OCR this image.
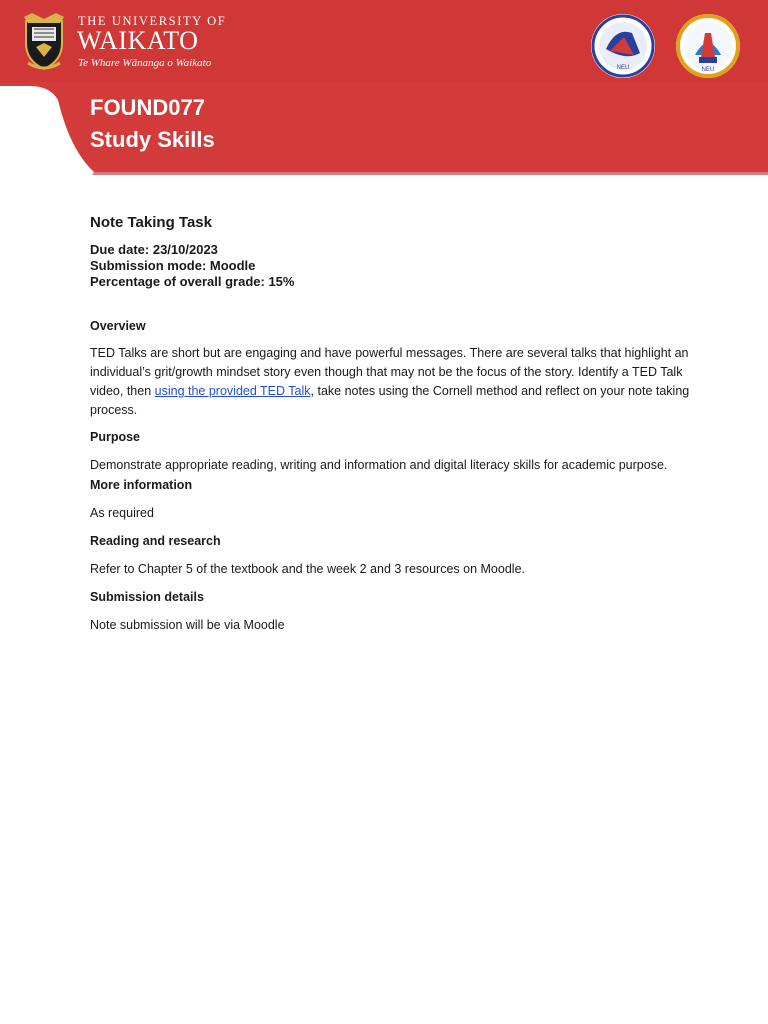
THE UNIVERSITY OF
WAIKATO
Te Whare Wānanga o Waikato	NEU	NEU
FOUND077
Study Skills
Note Taking Task
Due date: 23/10/2023
Submission mode: Moodle
Percentage of overall grade: 15%
Overview

TED Talks are short but are engaging and have powerful messages. There are several talks that highlight an individual’s grit/growth mindset story even though that may not be the focus of the story. Identify a TED Talk video, then using the provided TED Talk, take notes using the Cornell method and reflect on your note taking process.

Purpose

Demonstrate appropriate reading, writing and information and digital literacy skills for academic purpose.

More information

As required

Reading and research

Refer to Chapter 5 of the textbook and the week 2 and 3 resources on Moodle.

Submission details

Note submission will be via Moodle
